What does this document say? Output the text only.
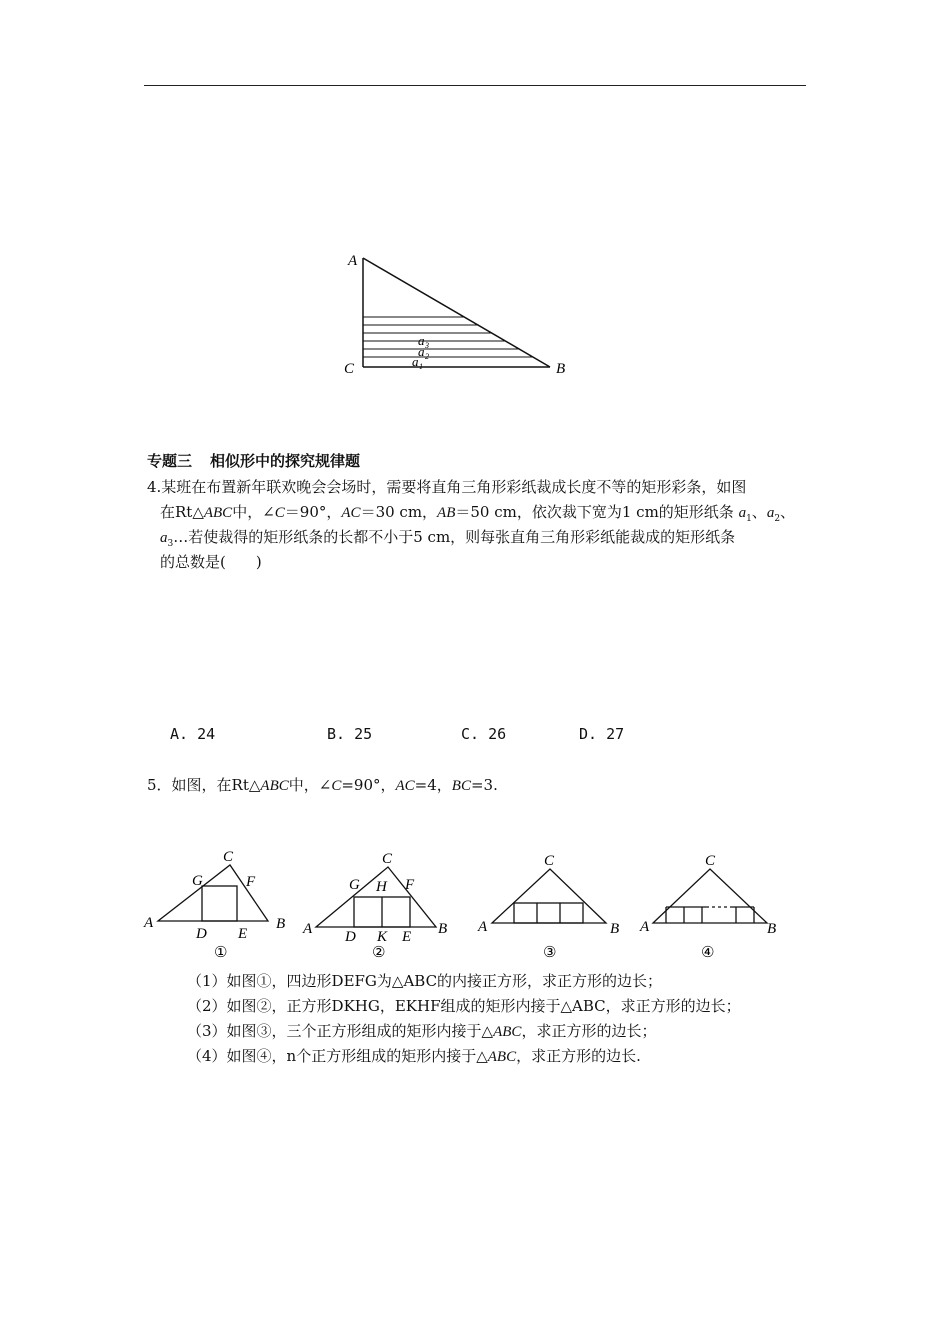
A
C	B
a 3
a 2
a 1
专题三 相似形中的探究规律题
4.某班在布置新年联欢晚会会场时，需要将直角三角形彩纸裁成长度不等的矩形彩条，如图
在Rt△ABC中，∠C＝90°，AC＝30 cm，AB＝50 cm，依次裁下宽为1 cm的矩形纸条 $a_1$、$a_2$、
$a_3\dots$若使裁得的矩形纸条的长都不小于5 cm，则每张直角三角形彩纸能裁成的矩形纸条
的总数是(　　)
A. 24	B. 25	C. 26	D. 27
5．如图，在Rt△ABC中，∠C=90°，AC=4，BC=3.
C
G	F
A	B
D E
①
C
G H F
A	B
D K E
②
C
A	B
③
C
A	B
④
（1）如图①，四边形DEFG为△ABC的内接正方形，求正方形的边长；
（2）如图②，正方形DKHG，EKHF组成的矩形内接于△ABC，求正方形的边长；
（3）如图③，三个正方形组成的矩形内接于△ABC，求正方形的边长；
（4）如图④，n个正方形组成的矩形内接于△ABC，求正方形的边长.
